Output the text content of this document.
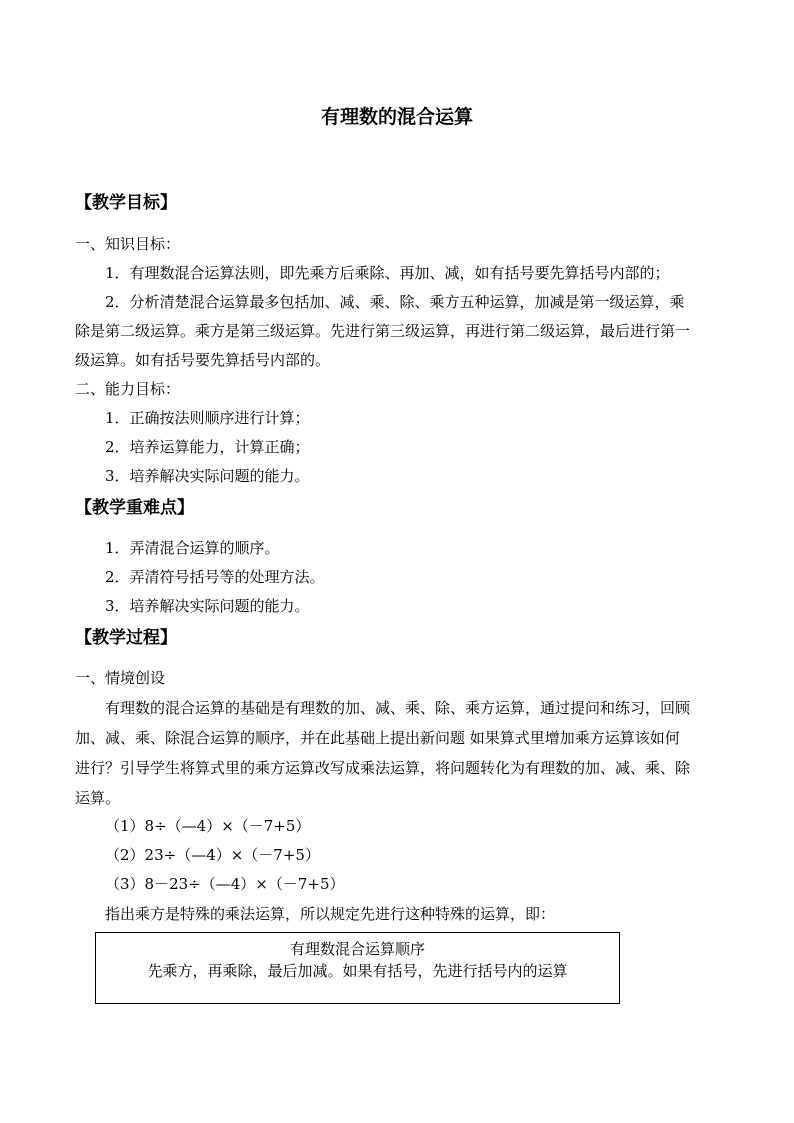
有理数的混合运算
【教学目标】
一、知识目标：
1．有理数混合运算法则，即先乘方后乘除、再加、减，如有括号要先算括号内部的；
2．分析清楚混合运算最多包括加、减、乘、除、乘方五种运算，加减是第一级运算，乘
除是第二级运算。乘方是第三级运算。先进行第三级运算，再进行第二级运算，最后进行第一
级运算。如有括号要先算括号内部的。
二、能力目标：
1．正确按法则顺序进行计算；
2．培养运算能力，计算正确；
3．培养解决实际问题的能力。
【教学重难点】
1．弄清混合运算的顺序。
2．弄清符号括号等的处理方法。
3．培养解决实际问题的能力。
【教学过程】
一、情境创设
有理数的混合运算的基础是有理数的加、减、乘、除、乘方运算，通过提问和练习，回顾
加、减、乘、除混合运算的顺序，并在此基础上提出新问题 如果算式里增加乘方运算该如何
进行？引导学生将算式里的乘方运算改写成乘法运算，将问题转化为有理数的加、减、乘、除
运算。
（1）8÷（—4）×（－7+5）
（2）23÷（—4）×（－7+5）
（3）8－23÷（—4）×（－7+5）
指出乘方是特殊的乘法运算，所以规定先进行这种特殊的运算，即：
有理数混合运算顺序
先乘方，再乘除，最后加减。如果有括号，先进行括号内的运算
